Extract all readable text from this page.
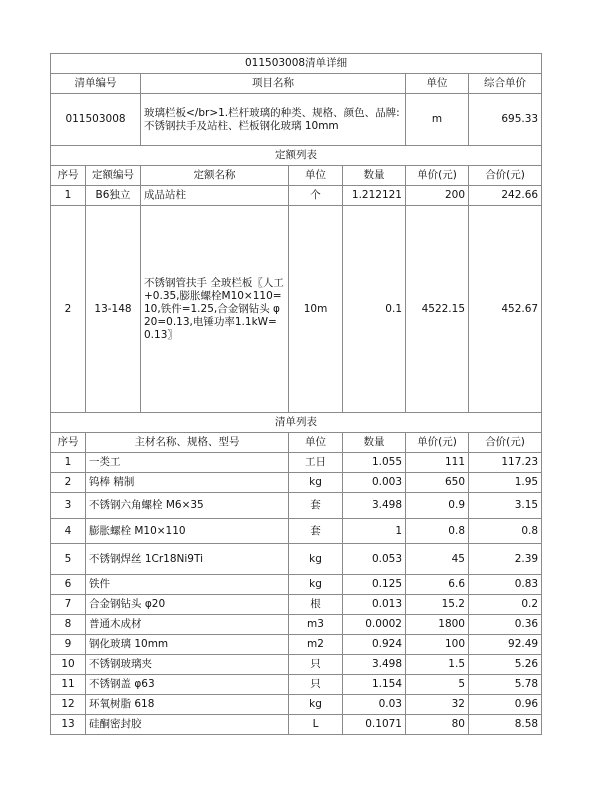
011503008清单详细						
清单编号		项目名称			单位	综合单价
011503008		玻璃栏板</br>1.栏杆玻璃的种类、规格、颜色、品牌:不锈钢扶手及站柱、栏板钢化玻璃 10mm			m	695.33
定额列表						
序号	定额编号	定额名称	单位	数量	单价(元)	合价(元)
1	B6独立	成品站柱	个	1.212121	200	242.66
2	13-148	不锈钢管扶手 全玻栏板〖人工+0.35,膨胀螺栓M10×110=10,铁件=1.25,合金钢钻头 φ20=0.13,电锤功率1.1kW=0.13〗	10m	0.1	4522.15	452.67
清单列表						
序号	主材名称、规格、型号		单位	数量	单价(元)	合价(元)
1	一类工		工日	1.055	111	117.23
2	钨棒 精制		kg	0.003	650	1.95
3	不锈钢六角螺栓 M6×35		套	3.498	0.9	3.15
4	膨胀螺栓 M10×110		套	1	0.8	0.8
5	不锈钢焊丝 1Cr18Ni9Ti		kg	0.053	45	2.39
6	铁件		kg	0.125	6.6	0.83
7	合金钢钻头 φ20		根	0.013	15.2	0.2
8	普通木成材		m3	0.0002	1800	0.36
9	钢化玻璃 10mm		m2	0.924	100	92.49
10	不锈钢玻璃夹		只	3.498	1.5	5.26
11	不锈钢盖 φ63		只	1.154	5	5.78
12	环氧树脂 618		kg	0.03	32	0.96
13	硅酮密封胶		L	0.1071	80	8.58
